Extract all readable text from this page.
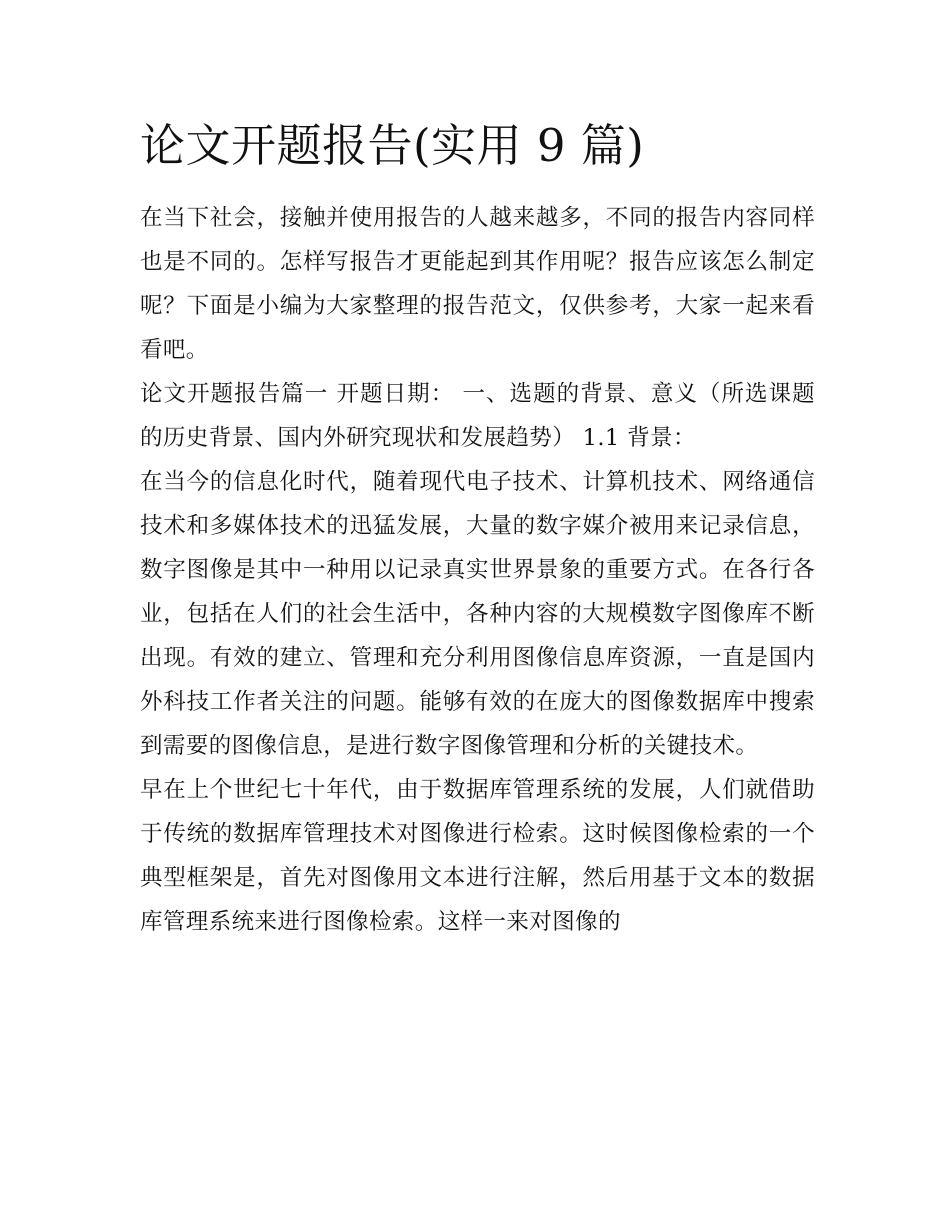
论文开题报告(实用 9 篇)

在当下社会，接触并使用报告的人越来越多，不同的报告内容同样也是不同的。怎样写报告才更能起到其作用呢？报告应该怎么制定呢？下面是小编为大家整理的报告范文，仅供参考，大家一起来看看吧。

论文开题报告篇一 开题日期： 一、选题的背景、意义（所选课题的历史背景、国内外研究现状和发展趋势） 1.1 背景：

在当今的信息化时代，随着现代电子技术、计算机技术、网络通信技术和多媒体技术的迅猛发展，大量的数字媒介被用来记录信息，数字图像是其中一种用以记录真实世界景象的重要方式。在各行各业，包括在人们的社会生活中，各种内容的大规模数字图像库不断出现。有效的建立、管理和充分利用图像信息库资源，一直是国内外科技工作者关注的问题。能够有效的在庞大的图像数据库中搜索到需要的图像信息，是进行数字图像管理和分析的关键技术。

早在上个世纪七十年代，由于数据库管理系统的发展，人们就借助于传统的数据库管理技术对图像进行检索。这时候图像检索的一个典型框架是，首先对图像用文本进行注解，然后用基于文本的数据库管理系统来进行图像检索。这样一来对图像的
